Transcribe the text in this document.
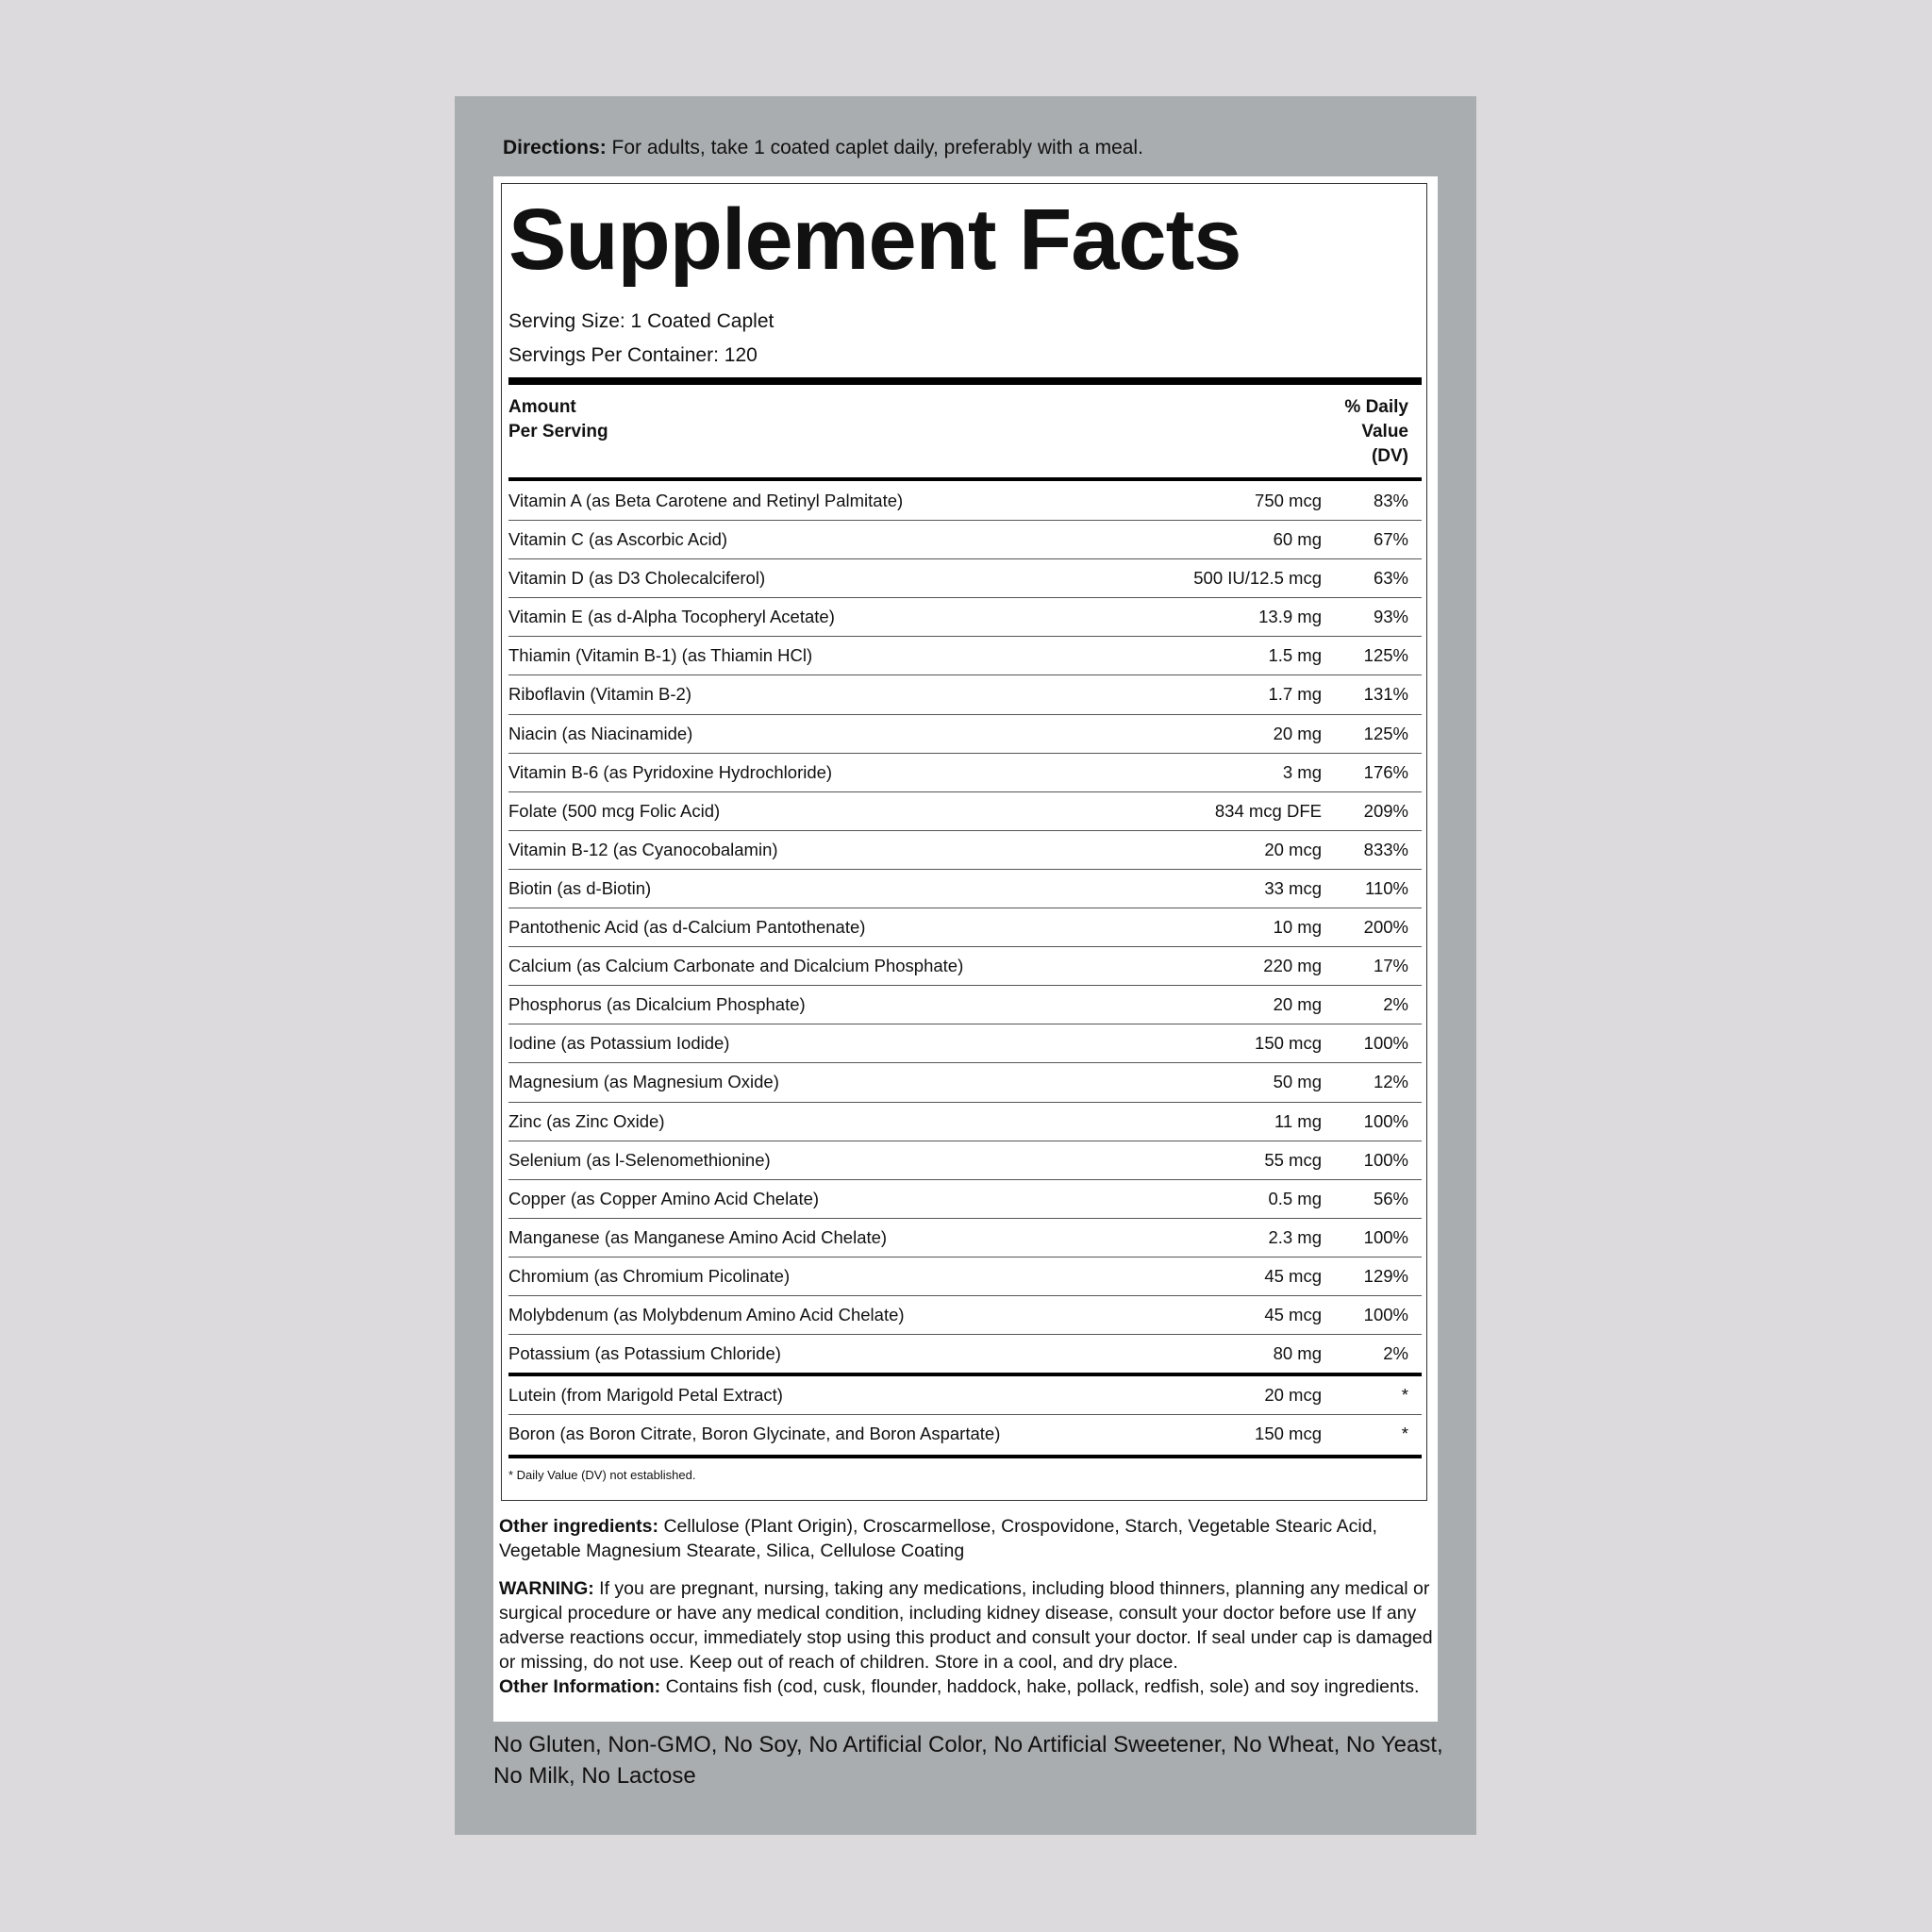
Directions: For adults, take 1 coated caplet daily, preferably with a meal.
Supplement Facts
Serving Size: 1 Coated Caplet
Servings Per Container: 120
Amount
Per Serving
% Daily
Value
(DV)
Vitamin A (as Beta Carotene and Retinyl Palmitate)	750 mcg	83%
Vitamin C (as Ascorbic Acid)	60 mg	67%
Vitamin D (as D3 Cholecalciferol)	500 IU/12.5 mcg	63%
Vitamin E (as d-Alpha Tocopheryl Acetate)	13.9 mg	93%
Thiamin (Vitamin B-1) (as Thiamin HCl)	1.5 mg 125%
Riboflavin (Vitamin B-2)	1.7 mg 131%
Niacin (as Niacinamide)	20 mg 125%
Vitamin B-6 (as Pyridoxine Hydrochloride)	3 mg 176%
Folate (500 mcg Folic Acid)	834 mcg DFE 209%
Vitamin B-12 (as Cyanocobalamin)	20 mcg 833%
Biotin (as d-Biotin)	33 mcg 110%
Pantothenic Acid (as d-Calcium Pantothenate)	10 mg 200%
Calcium (as Calcium Carbonate and Dicalcium Phosphate)	220 mg	17%
Phosphorus (as Dicalcium Phosphate)	20 mg	2%
Iodine (as Potassium Iodide)	150 mcg 100%
Magnesium (as Magnesium Oxide)	50 mg	12%
Zinc (as Zinc Oxide)	11 mg 100%
Selenium (as l-Selenomethionine)	55 mcg 100%
Copper (as Copper Amino Acid Chelate)	0.5 mg	56%
Manganese (as Manganese Amino Acid Chelate)	2.3 mg 100%
Chromium (as Chromium Picolinate)	45 mcg 129%
Molybdenum (as Molybdenum Amino Acid Chelate)	45 mcg 100%
Potassium (as Potassium Chloride)	80 mg	2%
Lutein (from Marigold Petal Extract)	20 mcg	*
Boron (as Boron Citrate, Boron Glycinate, and Boron Aspartate)	150 mcg	*
* Daily Value (DV) not established.
Other ingredients: Cellulose (Plant Origin), Croscarmellose, Crospovidone, Starch, Vegetable Stearic Acid, Vegetable Magnesium Stearate, Silica, Cellulose Coating
WARNING: If you are pregnant, nursing, taking any medications, including blood thinners, planning any medical or surgical procedure or have any medical condition, including kidney disease, consult your doctor before use If any adverse reactions occur, immediately stop using this product and consult your doctor. If seal under cap is damaged or missing, do not use. Keep out of reach of children. Store in a cool, and dry place.
Other Information: Contains fish (cod, cusk, flounder, haddock, hake, pollack, redfish, sole) and soy ingredients.
No Gluten, Non-GMO, No Soy, No Artificial Color, No Artificial Sweetener, No Wheat, No Yeast, No Milk, No Lactose
